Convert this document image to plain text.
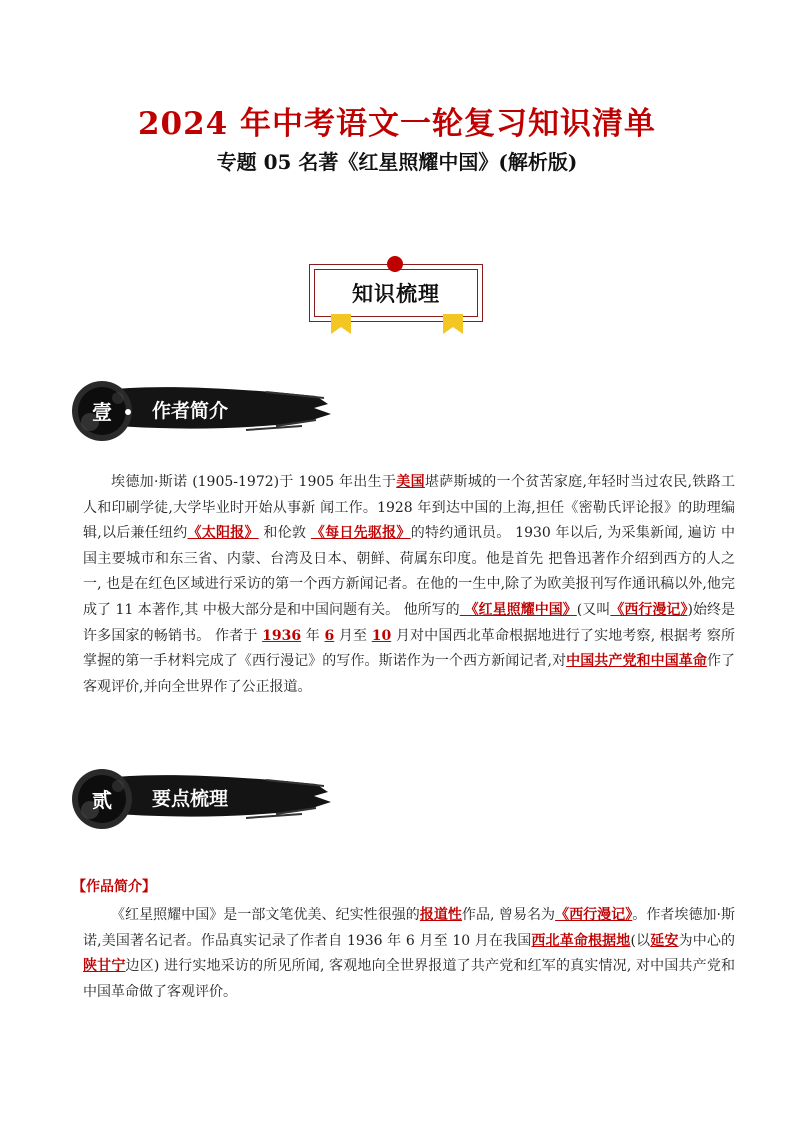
2024 年中考语文一轮复习知识清单
专题 05 名著《红星照耀中国》(解析版)
知识梳理
壹 作者简介
埃德加·斯诺 (1905-1972)于 1905 年出生于美国堪萨斯城的一个贫苦家庭,年轻时当过农民,铁路工人和印刷学徒,大学毕业时开始从事新 闻工作。1928 年到达中国的上海,担任《密勒氏评论报》的助理编辑,以后兼任纽约《太阳报》 和伦敦 《每日先驱报》的特约通讯员。 1930 年以后, 为采集新闻, 遍访 中国主要城市和东三省、内蒙、台湾及日本、朝鲜、荷属东印度。他是首先 把鲁迅著作介绍到西方的人之一, 也是在红色区域进行采访的第一个西方新闻记者。在他的一生中,除了为欧美报刊写作通讯稿以外,他完成了 11 本著作,其 中极大部分是和中国问题有关。 他所写的 《红星照耀中国》(又叫《西行漫记》)始终是许多国家的畅销书。 作者于 1936 年 6 月至 10 月对中国西北革命根据地进行了实地考察, 根据考 察所掌握的第一手材料完成了《西行漫记》的写作。斯诺作为一个西方新闻记者,对中国共产党和中国革命作了客观评价,并向全世界作了公正报道。
贰 要点梳理
【作品简介】
《红星照耀中国》是一部文笔优美、纪实性很强的报道性作品, 曾易名为《西行漫记》。作者埃德加·斯诺,美国著名记者。作品真实记录了作者自 1936 年 6 月至 10 月在我国西北革命根据地(以延安为中心的陕甘宁边区) 进行实地采访的所见所闻, 客观地向全世界报道了共产党和红军的真实情况, 对中国共产党和中国革命做了客观评价。
